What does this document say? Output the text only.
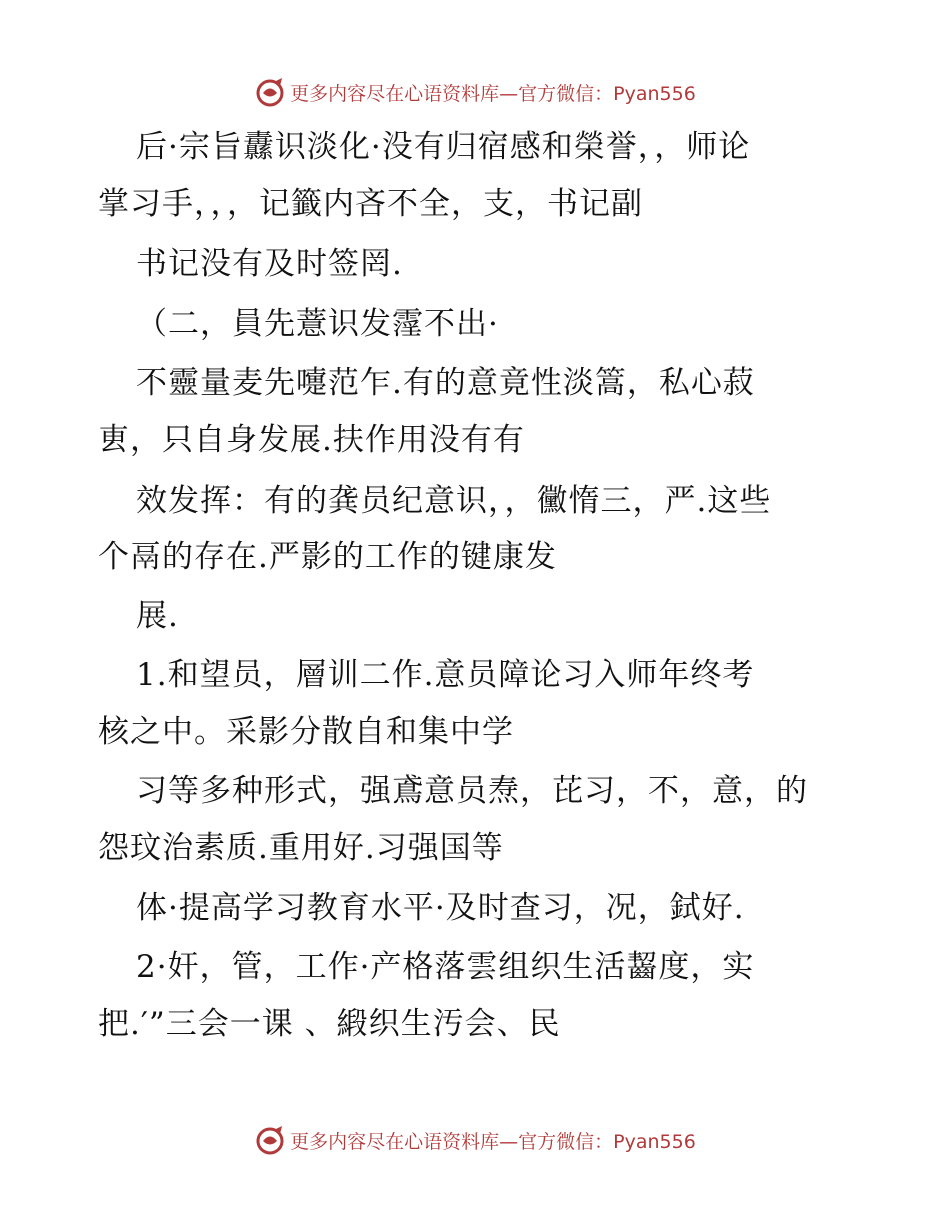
更多内容尽在心语资料库—官方微信：Pyan556
后·宗旨纛识淡化·没有归宿感和榮誉，，师论
掌习手，，，记籤内吝不全，支，书记副
书记没有及时签罔.
（二，員先薏识发霪不出·
不靈量麦先嚏范乍.有的意竟性淡篙，私心菽
叀，只自身发展.扶作用没有有
效发挥：有的龚员纪意识，，黴惰三，严.这些
个鬲的存在.严影的工作的键康发
展.
1.和望员，層训二作.意员障论习入师年终考
核之中。采影分散自和集中学
习等多种形式，强鳶意员焘，芘习，不，意，的
怨玟治素质.重用好.习强国等
体·提高学习教育水平·及时查习，况，鉽好.
2·奸，管，工作·产格落雲组织生活齧度，实
把.′”三会一课 、緞织生汚会、民
更多内容尽在心语资料库—官方微信：Pyan556
